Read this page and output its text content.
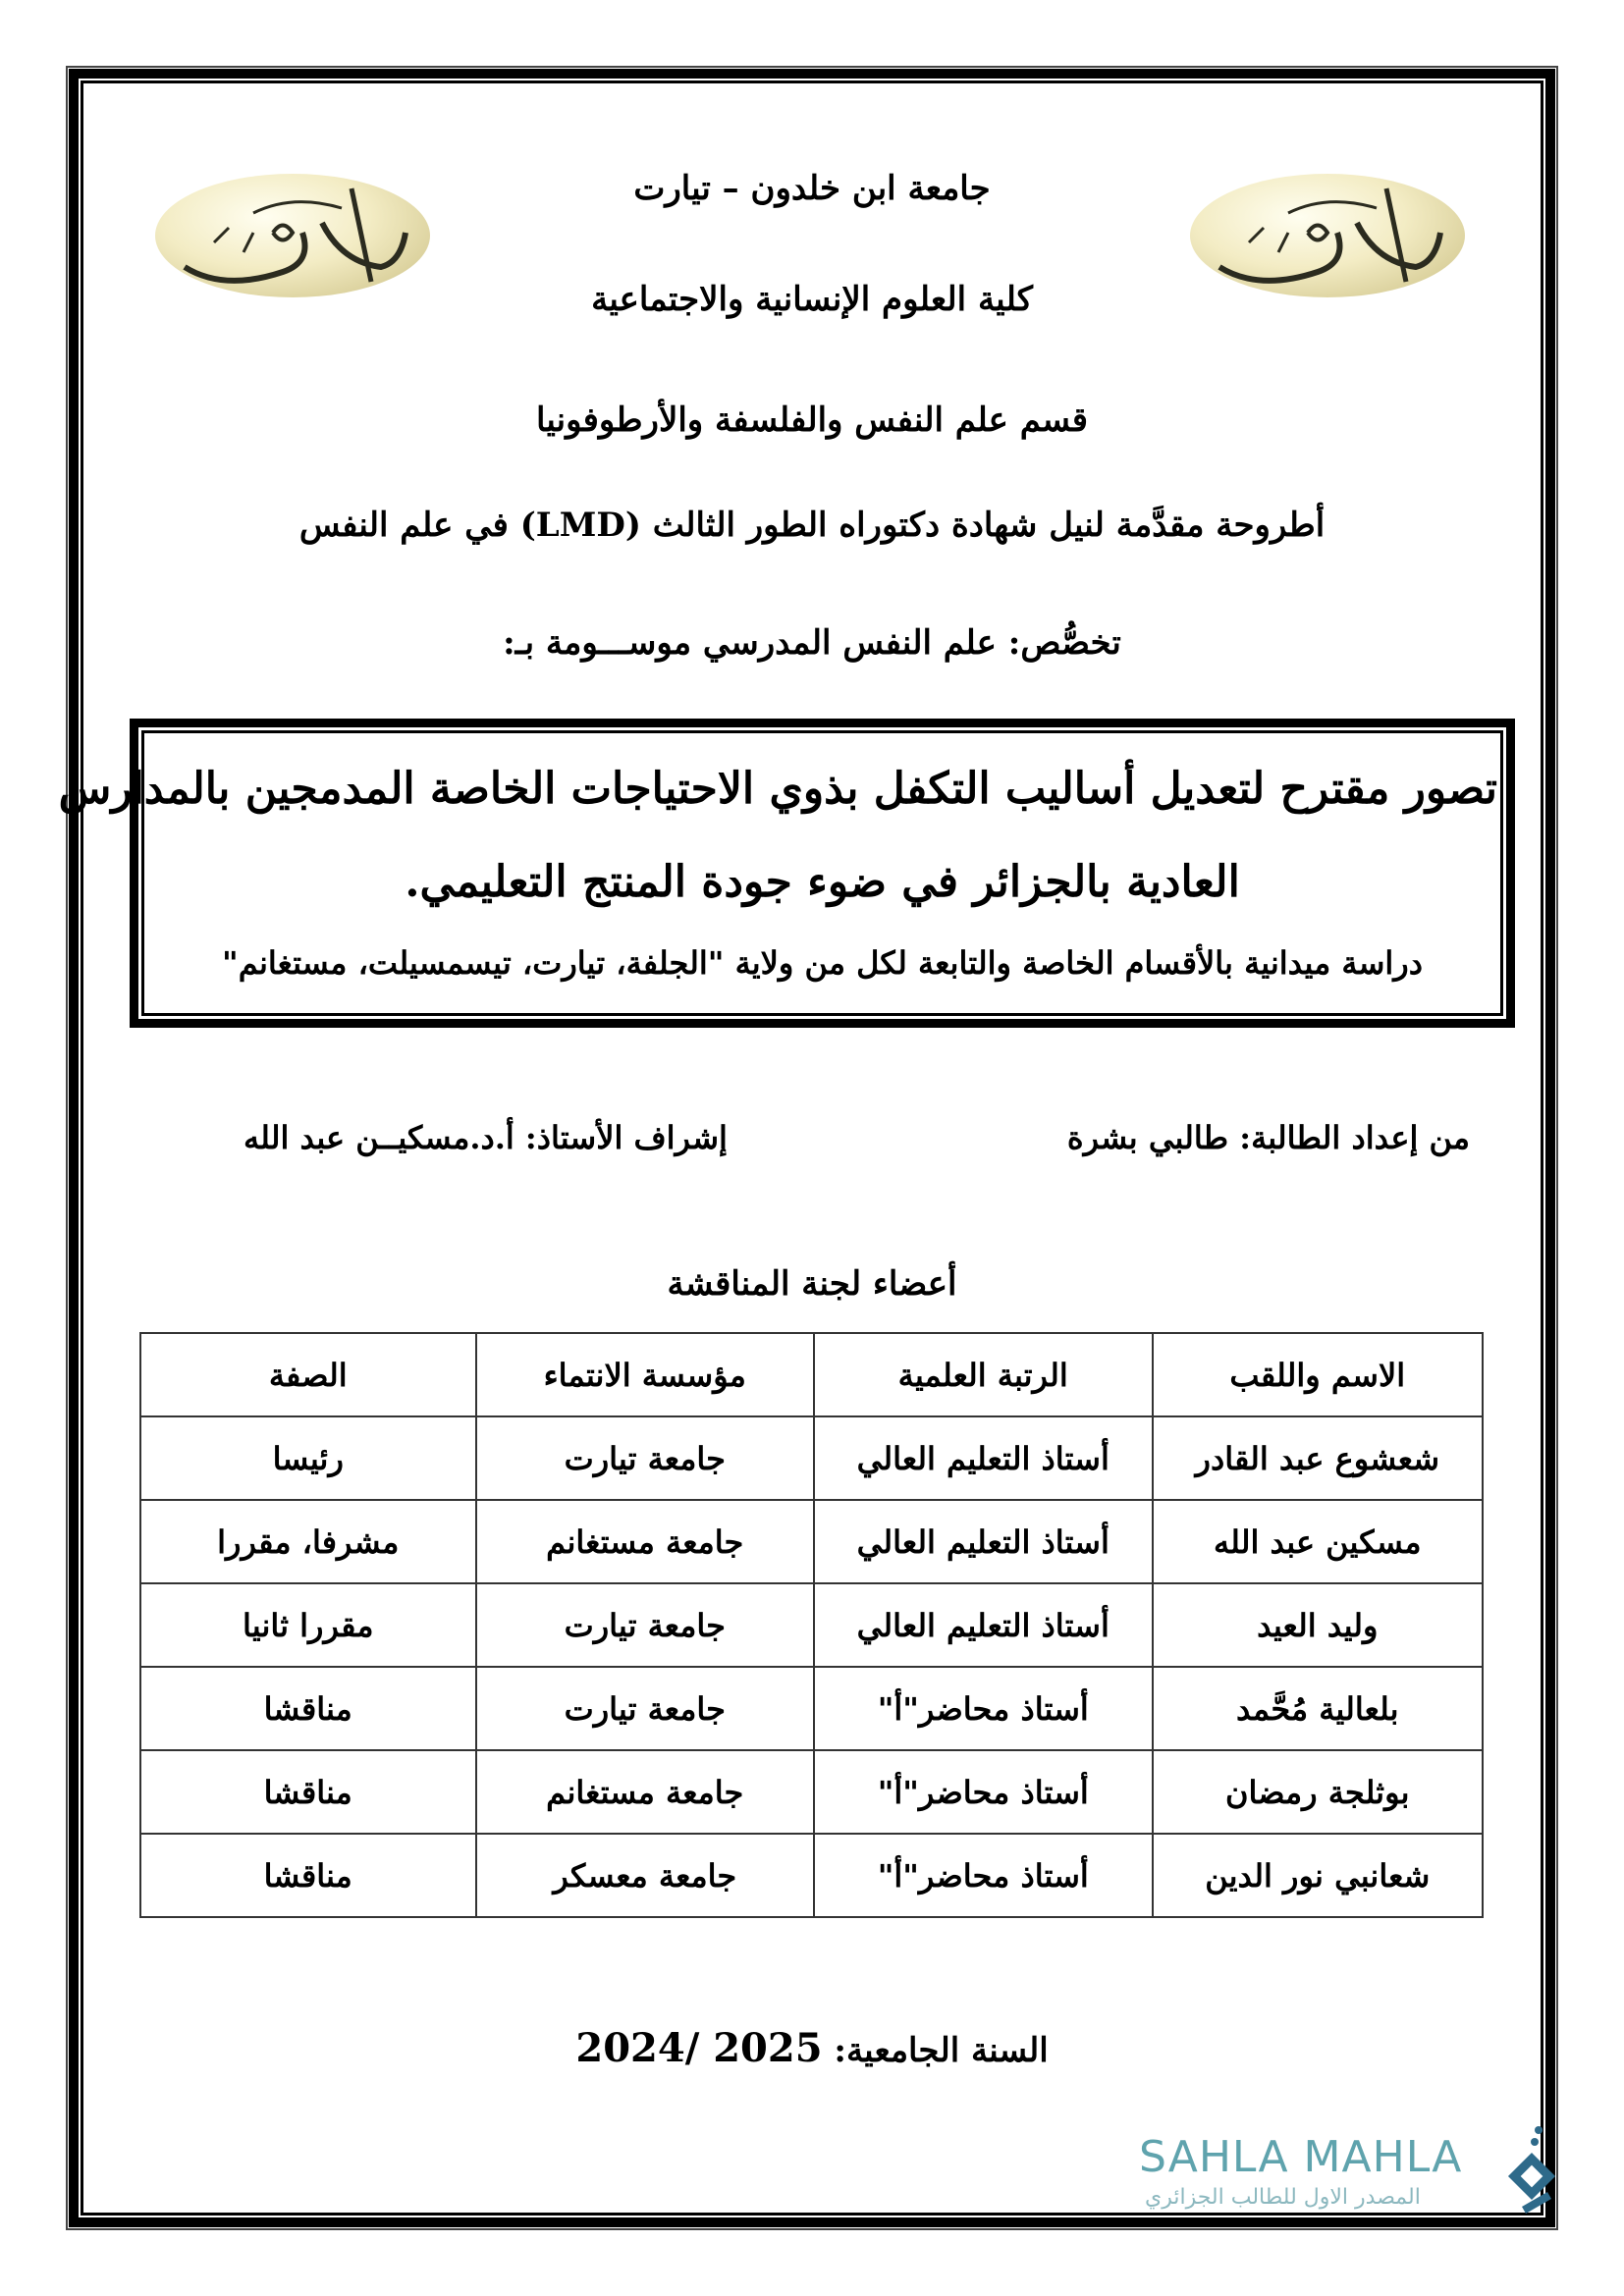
جامعة ابن خلدون – تيارت
كلية العلوم الإنسانية والاجتماعية
قسم علم النفس والفلسفة والأرطوفونيا
أطروحة مقدَّمة لنيل شهادة دكتوراه الطور الثالث (LMD) في علم النفس
تخصُّص: علم النفس المدرسي موســـومة بـ:
تصور مقترح لتعديل أساليب التكفل بذوي الاحتياجات الخاصة المدمجين بالمدارس
العادية بالجزائر في ضوء جودة المنتج التعليمي.
دراسة ميدانية بالأقسام الخاصة والتابعة لكل من ولاية "الجلفة، تيارت، تيسمسيلت، مستغانم"
من إعداد الطالبة: طالبي بشرة
إشراف الأستاذ: أ.د.مسكيــن عبد الله
أعضاء لجنة المناقشة
الاسم واللقب	الرتبة العلمية	مؤسسة الانتماء	الصفة
شعشوع عبد القادر	أستاذ التعليم العالي	جامعة تيارت	رئيسا
مسكين عبد الله	أستاذ التعليم العالي	جامعة مستغانم	مشرفا، مقررا
وليد العيد	أستاذ التعليم العالي	جامعة تيارت	مقررا ثانيا
بلعالية مُحَّمد	أستاذ محاضر"أ"	جامعة تيارت	مناقشا
بوثلجة رمضان	أستاذ محاضر"أ"	جامعة مستغانم	مناقشا
شعانبي نور الدين	أستاذ محاضر"أ"	جامعة معسكر	مناقشا
السنة الجامعية: 2024/ 2025
SAHLA MAHLA
المصدر الاول للطالب الجزائري
